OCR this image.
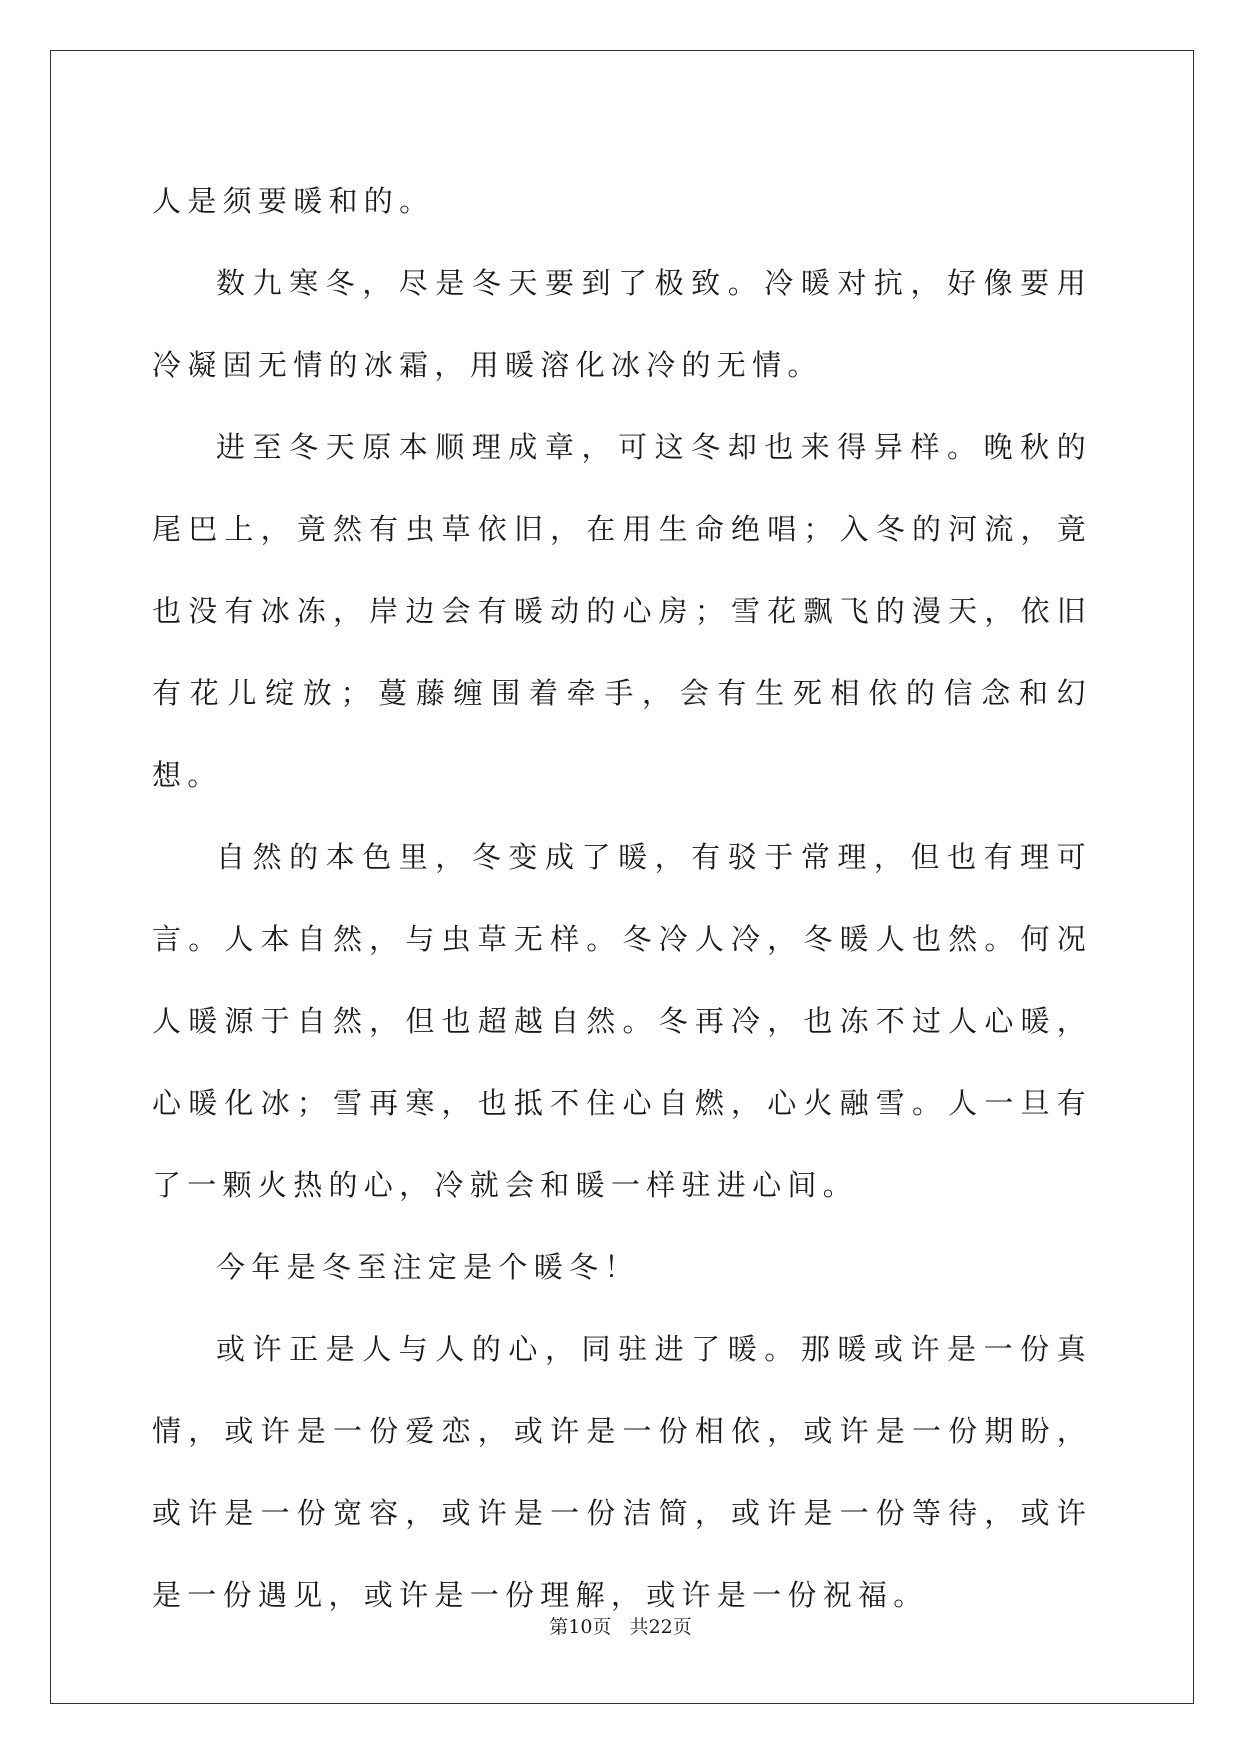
人是须要暖和的。

数九寒冬，尽是冬天要到了极致。冷暖对抗，好像要用冷凝固无情的冰霜，用暖溶化冰冷的无情。

进至冬天原本顺理成章，可这冬却也来得异样。晚秋的尾巴上，竟然有虫草依旧，在用生命绝唱；入冬的河流，竟也没有冰冻，岸边会有暖动的心房；雪花飘飞的漫天，依旧有花儿绽放；蔓藤缠围着牵手，会有生死相依的信念和幻想。

自然的本色里，冬变成了暖，有驳于常理，但也有理可言。人本自然，与虫草无样。冬冷人冷，冬暖人也然。何况人暖源于自然，但也超越自然。冬再冷，也冻不过人心暖，心暖化冰；雪再寒，也抵不住心自燃，心火融雪。人一旦有了一颗火热的心，冷就会和暖一样驻进心间。

今年是冬至注定是个暖冬！

或许正是人与人的心，同驻进了暖。那暖或许是一份真情，或许是一份爱恋，或许是一份相依，或许是一份期盼，或许是一份宽容，或许是一份洁简，或许是一份等待，或许是一份遇见，或许是一份理解，或许是一份祝福。

第10页 共22页
